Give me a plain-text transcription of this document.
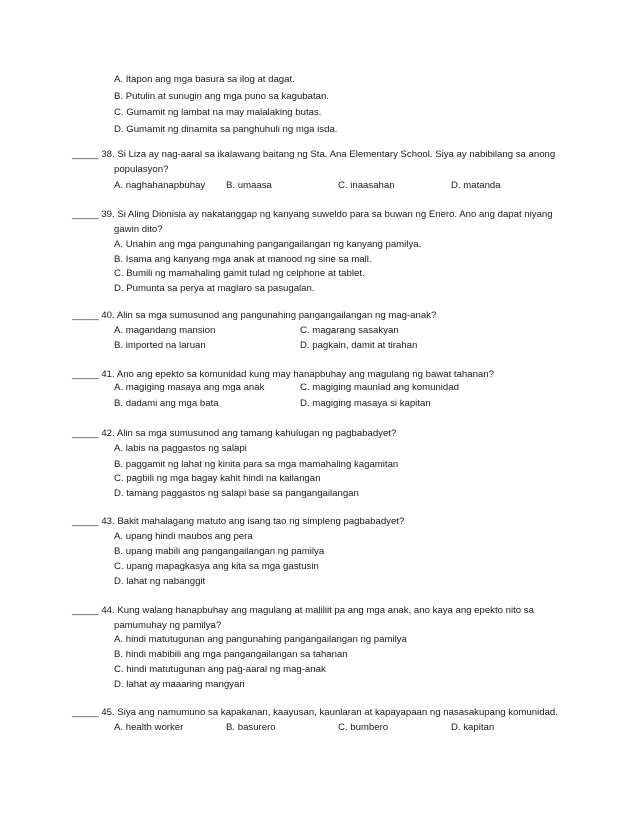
A. Itapon ang mga basura sa ilog at dagat.
B. Putulin at sunugin ang mga puno sa kagubatan.
C. Gumamit ng lambat na may malalaking butas.
D. Gumamit ng dinamita sa panghuhuli ng mga isda.
_____ 38. Si Liza ay nag-aaral sa ikalawang baitang ng Sta. Ana Elementary School. Siya ay nabibilang sa anong
populasyon?
A. naghahanapbuhay B. umaasa	C. inaasahan	D. matanda
_____ 39. Si Aling Dionisia ay nakatanggap ng kanyang suweldo para sa buwan ng Enero. Ano ang dapat niyang
gawin dito?
A. Unahin ang mga pangunahing pangangailangan ng kanyang pamilya.
B. Isama ang kanyang mga anak at manood ng sine sa mall.
C. Bumili ng mamahaling gamit tulad ng celphone at tablet.
D. Pumunta sa perya at maglaro sa pasugalan.
_____ 40. Alin sa mga sumusunod ang pangunahing pangangailangan ng mag-anak?
A. magandang mansion	C. magarang sasakyan
B. imported na laruan	D. pagkain, damit at tirahan
_____ 41. Ano ang epekto sa komunidad kung may hanapbuhay ang magulang ng bawat tahanan?
A. magiging masaya ang mga anak	C. magiging maunlad ang komunidad
B. dadami ang mga bata	D. magiging masaya si kapitan
_____ 42. Alin sa mga sumusunod ang tamang kahulugan ng pagbabadyet?
A. labis na paggastos ng salapi
B. paggamit ng lahat ng kinita para sa mga mamahaling kagamitan
C. pagbili ng mga bagay kahit hindi na kailangan
D. tamang paggastos ng salapi base sa pangangailangan
_____ 43. Bakit mahalagang matuto ang isang tao ng simpleng pagbabadyet?
A. upang hindi maubos ang pera
B. upang mabili ang pangangailangan ng pamilya
C. upang mapagkasya ang kita sa mga gastusin
D. lahat ng nabanggit
_____ 44. Kung walang hanapbuhay ang magulang at maliliit pa ang mga anak, ano kaya ang epekto nito sa
pamumuhay ng pamilya?
A. hindi matutugunan ang pangunahing pangangailangan ng pamilya
B. hindi mabibili ang mga pangangailangan sa tahanan
C. hindi matutugunan ang pag-aaral ng mag-anak
D. lahat ay maaaring mangyari
_____ 45. Siya ang namumuno sa kapakanan, kaayusan, kaunlaran at kapayapaan ng nasasakupang komunidad.
A. health worker	B. basurero	C. bumbero	D. kapitan
